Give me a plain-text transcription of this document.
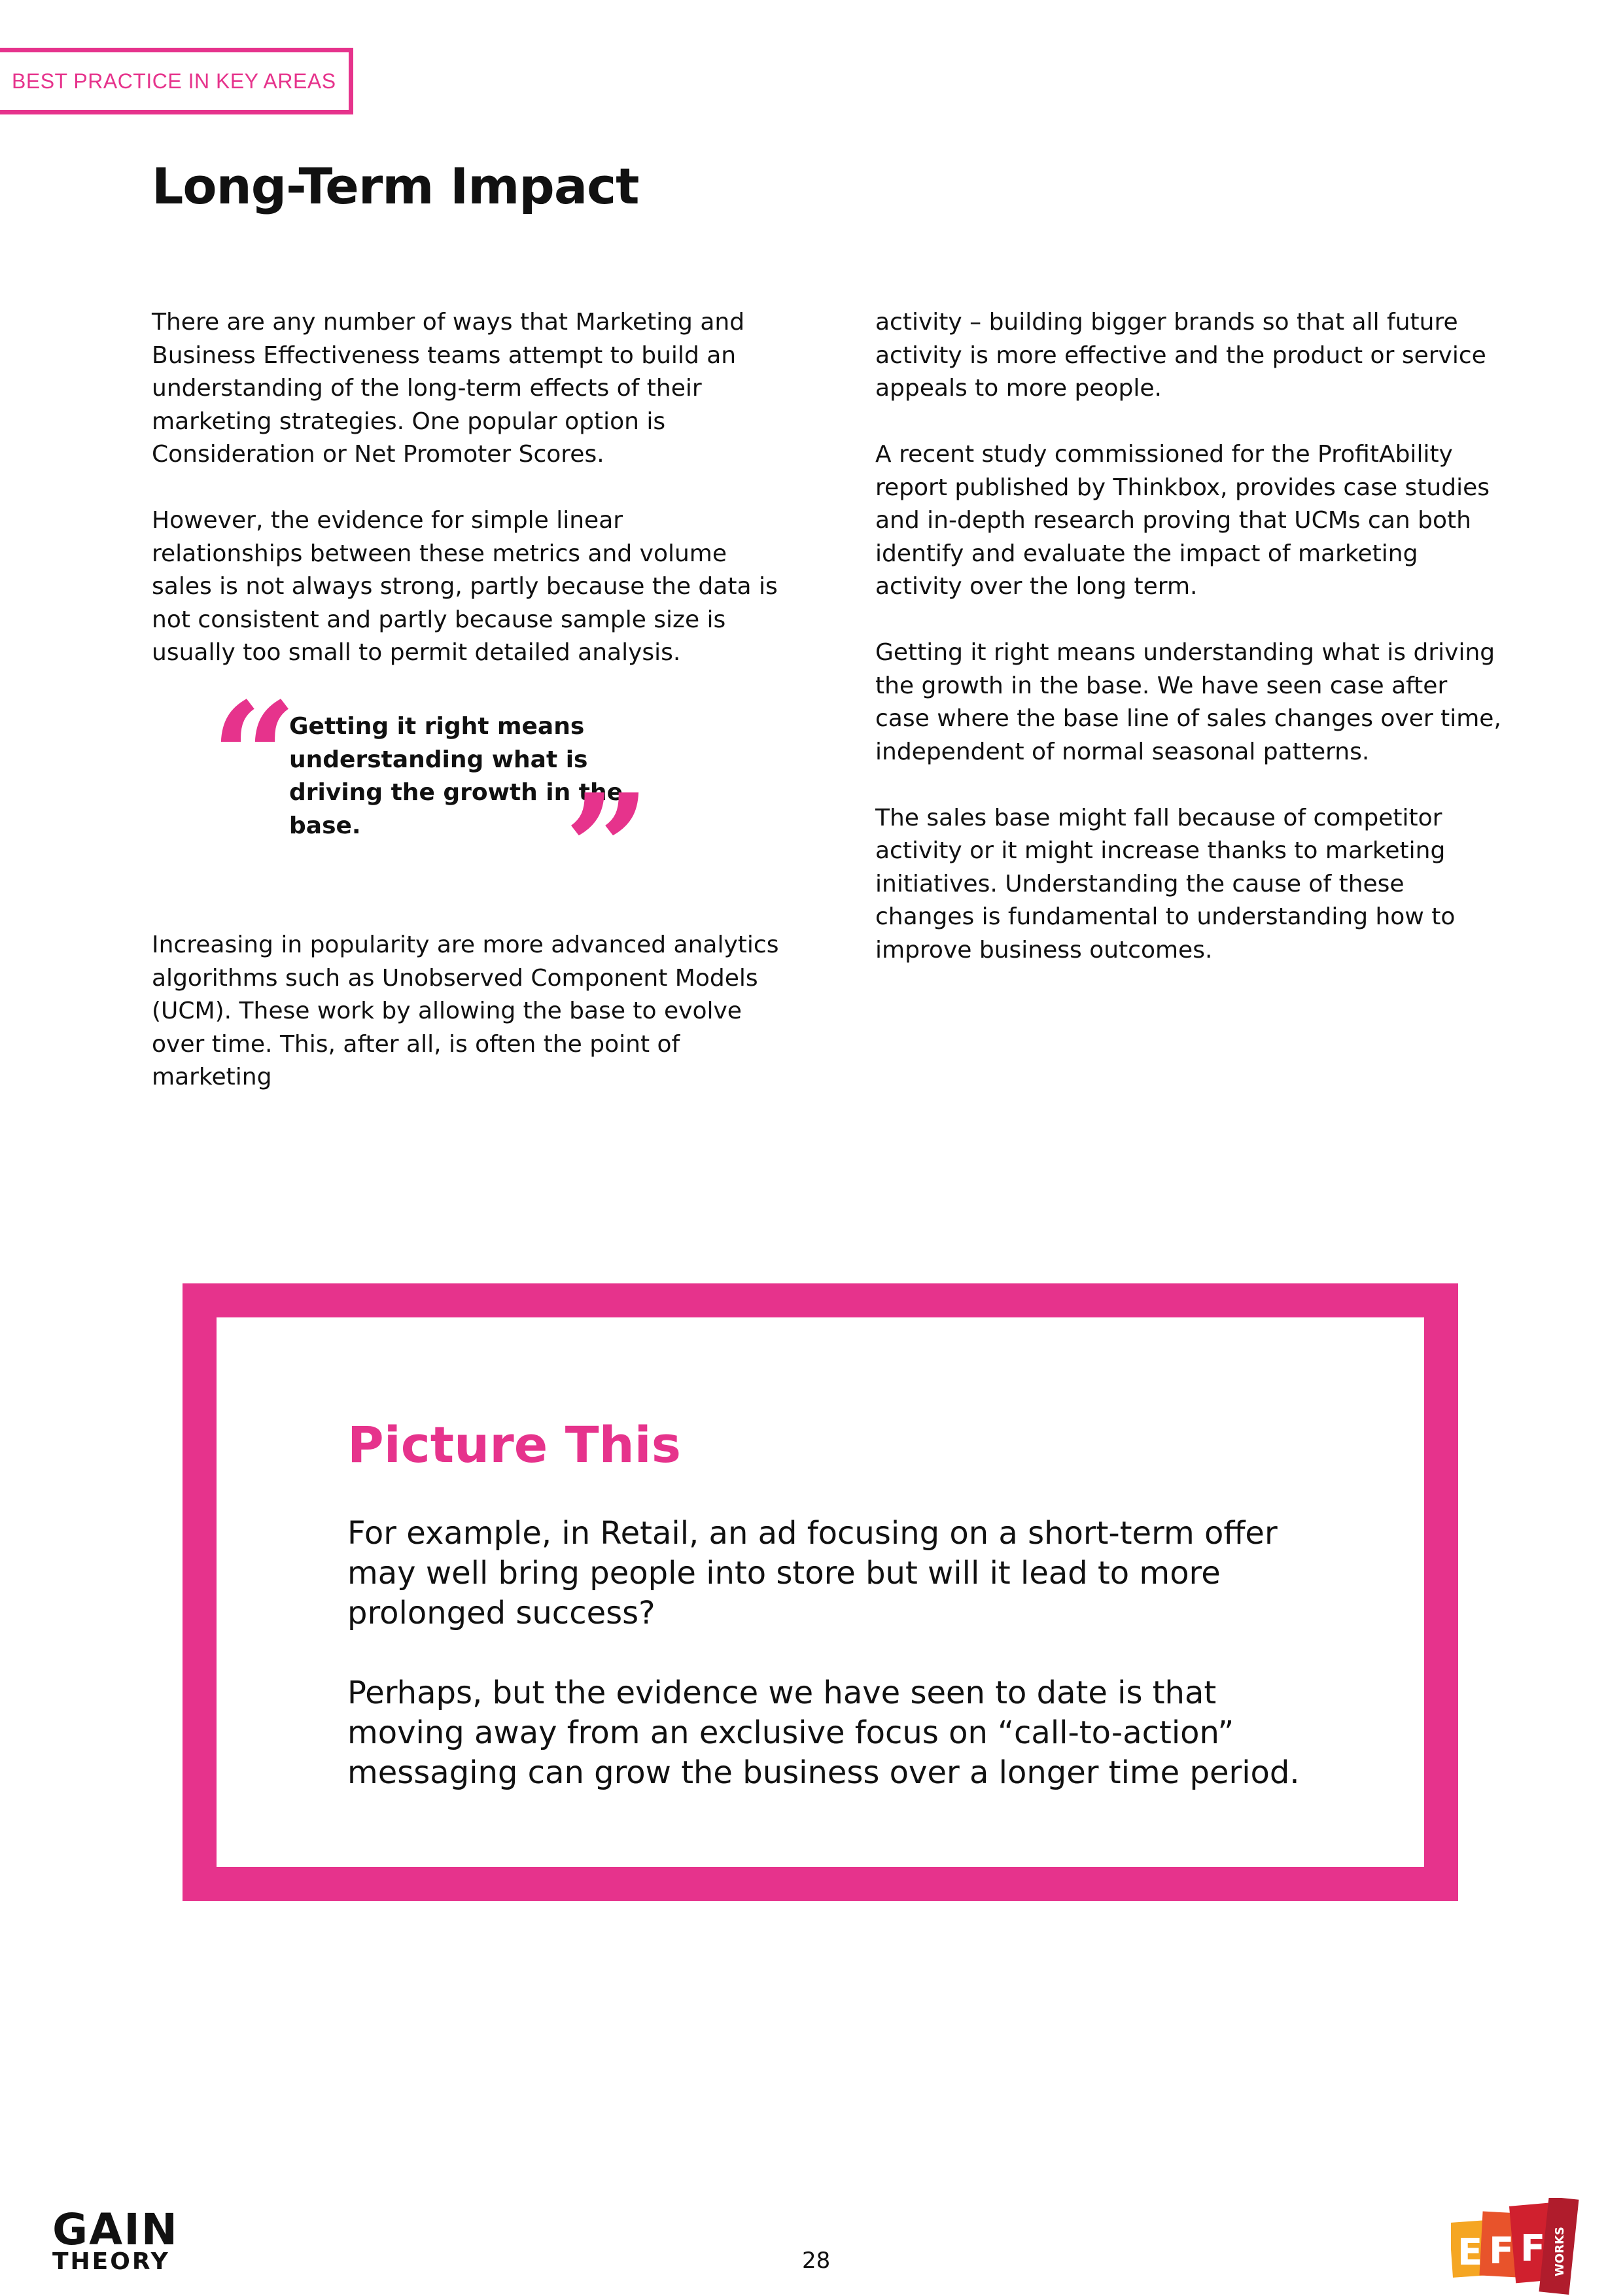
BEST PRACTICE IN KEY AREAS
Long-Term Impact

There are any number of ways that Marketing and Business Effectiveness teams attempt to build an understanding of the long-term effects of their marketing strategies. One popular option is Consideration or Net Promoter Scores.

However, the evidence for simple linear relationships between these metrics and volume sales is not always strong, partly because the data is not consistent and partly because sample size is usually too small to permit detailed analysis.

“
Getting it right means understanding what is driving the growth in the base.	”

Increasing in popularity are more advanced analytics algorithms such as Unobserved Component Models (UCM). These work by allowing the base to evolve over time. This, after all, is often the point of marketing

activity – building bigger brands so that all future activity is more effective and the product or service appeals to more people.

A recent study commissioned for the ProfitAbility report published by Thinkbox, provides case studies and in-depth research proving that UCMs can both identify and evaluate the impact of marketing activity over the long term.

Getting it right means understanding what is driving the growth in the base. We have seen case after case where the base line of sales changes over time, independent of normal seasonal patterns.

The sales base might fall because of competitor activity or it might increase thanks to marketing initiatives. Understanding the cause of these changes is fundamental to understanding how to improve business outcomes.

Picture This

For example, in Retail, an ad focusing on a short-term offer may well bring people into store but will it lead to more prolonged success?

Perhaps, but the evidence we have seen to date is that moving away from an exclusive focus on “call-to-action” messaging can grow the business over a longer time period.

GAIN
THEORY	28	E F F WORKS
